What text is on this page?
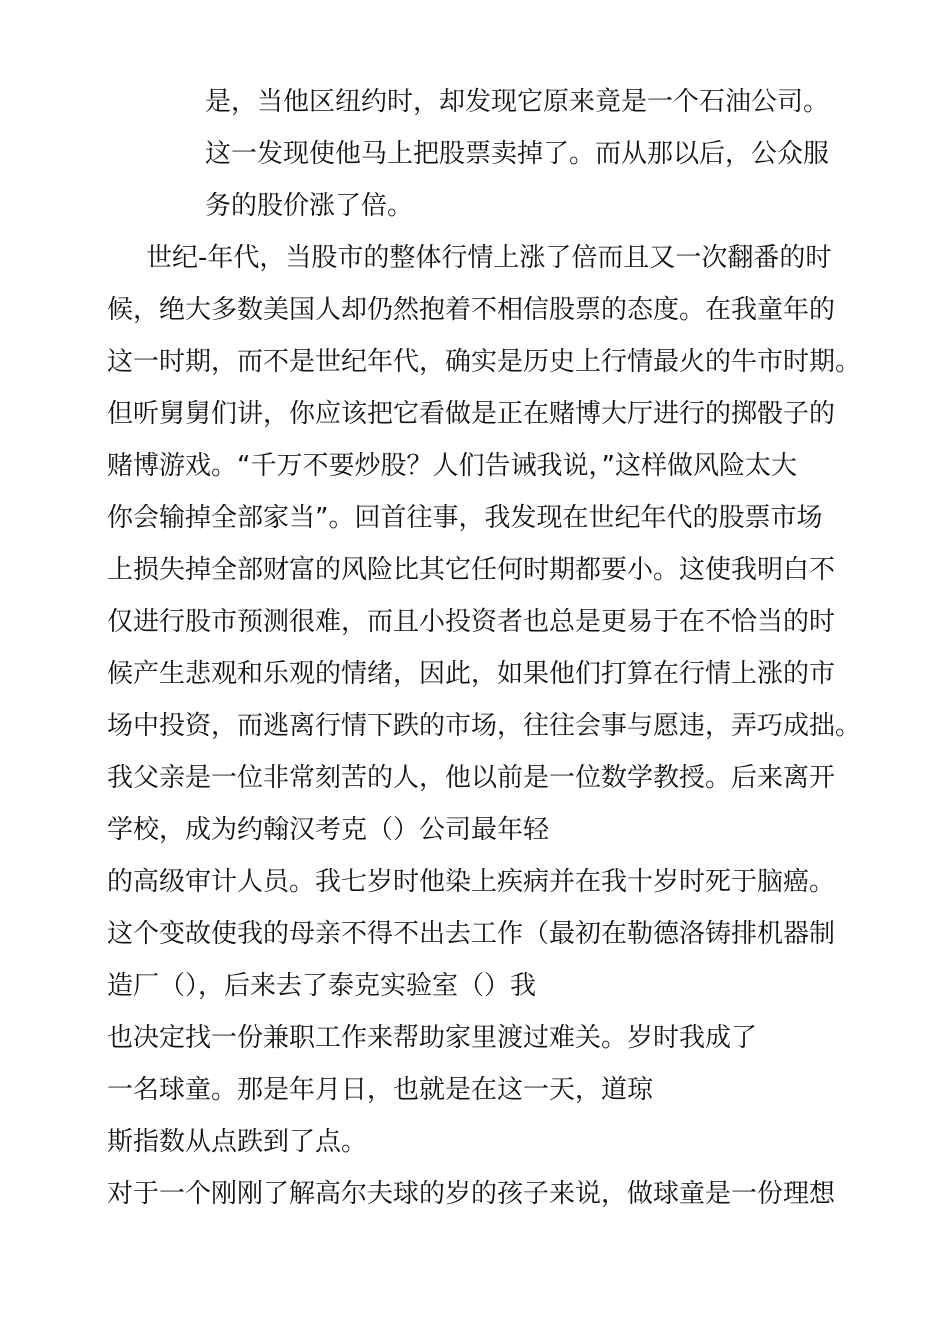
是，当他区纽约时，却发现它原来竟是一个石油公司。
这一发现使他马上把股票卖掉了。而从那以后，公众服
务的股价涨了倍。
世纪-年代，当股市的整体行情上涨了倍而且又一次翻番的时
候，绝大多数美国人却仍然抱着不相信股票的态度。在我童年的
这一时期，而不是世纪年代，确实是历史上行情最火的牛市时期。
但听舅舅们讲，你应该把它看做是正在赌博大厅进行的掷骰子的
赌博游戏。“千万不要炒股？人们告诫我说，”这样做风险太大
你会输掉全部家当”。回首往事，我发现在世纪年代的股票市场
上损失掉全部财富的风险比其它任何时期都要小。这使我明白不
仅进行股市预测很难，而且小投资者也总是更易于在不恰当的时
候产生悲观和乐观的情绪，因此，如果他们打算在行情上涨的市
场中投资，而逃离行情下跌的市场，往往会事与愿违，弄巧成拙。
我父亲是一位非常刻苦的人，他以前是一位数学教授。后来离开
学校，成为约翰汉考克（）公司最年轻
的高级审计人员。我七岁时他染上疾病并在我十岁时死于脑癌。
这个变故使我的母亲不得不出去工作（最初在勒德洛铸排机器制
造厂（），后来去了泰克实验室（）我
也决定找一份兼职工作来帮助家里渡过难关。岁时我成了
一名球童。那是年月日，也就是在这一天，道琼
斯指数从点跌到了点。
对于一个刚刚了解高尔夫球的岁的孩子来说，做球童是一份理想
